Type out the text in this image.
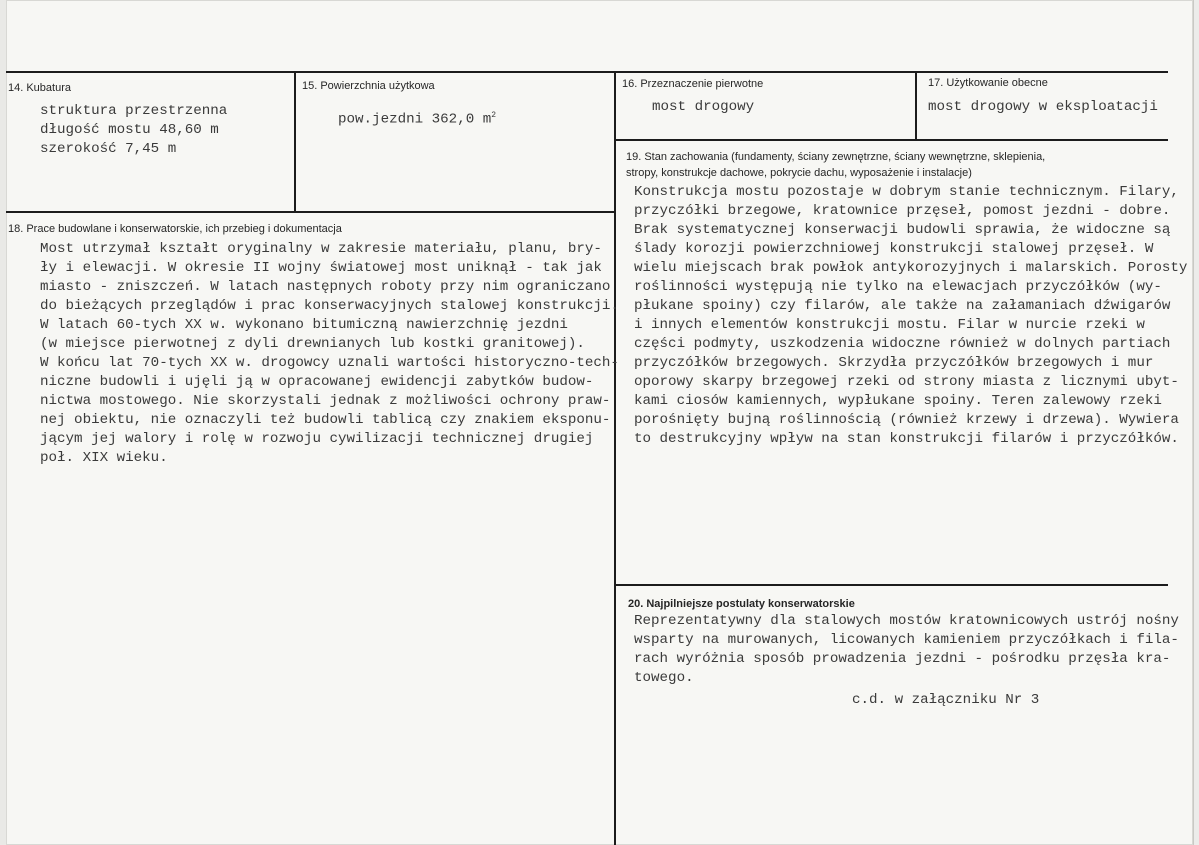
14. Kubatura
struktura przestrzenna
długość mostu 48,60 m
szerokość 7,45 m
15. Powierzchnia użytkowa
pow.jezdni 362,0 $m^2$
16. Przeznaczenie pierwotne
most drogowy
17. Użytkowanie obecne
most drogowy w eksploatacji
18. Prace budowlane i konserwatorskie, ich przebieg i dokumentacja
Most utrzymał kształt oryginalny w zakresie materiału, planu, bry-
ły i elewacji. W okresie II wojny światowej most uniknął - tak jak
miasto - zniszczeń. W latach następnych roboty przy nim ograniczano
do bieżących przeglądów i prac konserwacyjnych stalowej konstrukcji.
W latach 60-tych XX w. wykonano bitumiczną nawierzchnię jezdni
(w miejsce pierwotnej z dyli drewnianych lub kostki granitowej).
W końcu lat 70-tych XX w. drogowcy uznali wartości historyczno-tech-
niczne budowli i ujęli ją w opracowanej ewidencji zabytków budow-
nictwa mostowego. Nie skorzystali jednak z możliwości ochrony praw-
nej obiektu, nie oznaczyli też budowli tablicą czy znakiem eksponu-
jącym jej walory i rolę w rozwoju cywilizacji technicznej drugiej
poł. XIX wieku.
19. Stan zachowania (fundamenty, ściany zewnętrzne, ściany wewnętrzne, sklepienia,
stropy, konstrukcje dachowe, pokrycie dachu, wyposażenie i instalacje)
Konstrukcja mostu pozostaje w dobrym stanie technicznym. Filary,
przyczółki brzegowe, kratownice przęseł, pomost jezdni - dobre.
Brak systematycznej konserwacji budowli sprawia, że widoczne są
ślady korozji powierzchniowej konstrukcji stalowej przęseł. W
wielu miejscach brak powłok antykorozyjnych i malarskich. Porosty
roślinności występują nie tylko na elewacjach przyczółków (wy-
płukane spoiny) czy filarów, ale także na załamaniach dźwigarów
i innych elementów konstrukcji mostu. Filar w nurcie rzeki w
części podmyty, uszkodzenia widoczne również w dolnych partiach
przyczółków brzegowych. Skrzydła przyczółków brzegowych i mur
oporowy skarpy brzegowej rzeki od strony miasta z licznymi ubyt-
kami ciosów kamiennych, wypłukane spoiny. Teren zalewowy rzeki
porośnięty bujną roślinnością (również krzewy i drzewa). Wywiera
to destrukcyjny wpływ na stan konstrukcji filarów i przyczółków.
20. Najpilniejsze postulaty konserwatorskie
Reprezentatywny dla stalowych mostów kratownicowych ustrój nośny
wsparty na murowanych, licowanych kamieniem przyczółkach i fila-
rach wyróżnia sposób prowadzenia jezdni - pośrodku przęsła kra-
towego.
c.d. w załączniku Nr 3
